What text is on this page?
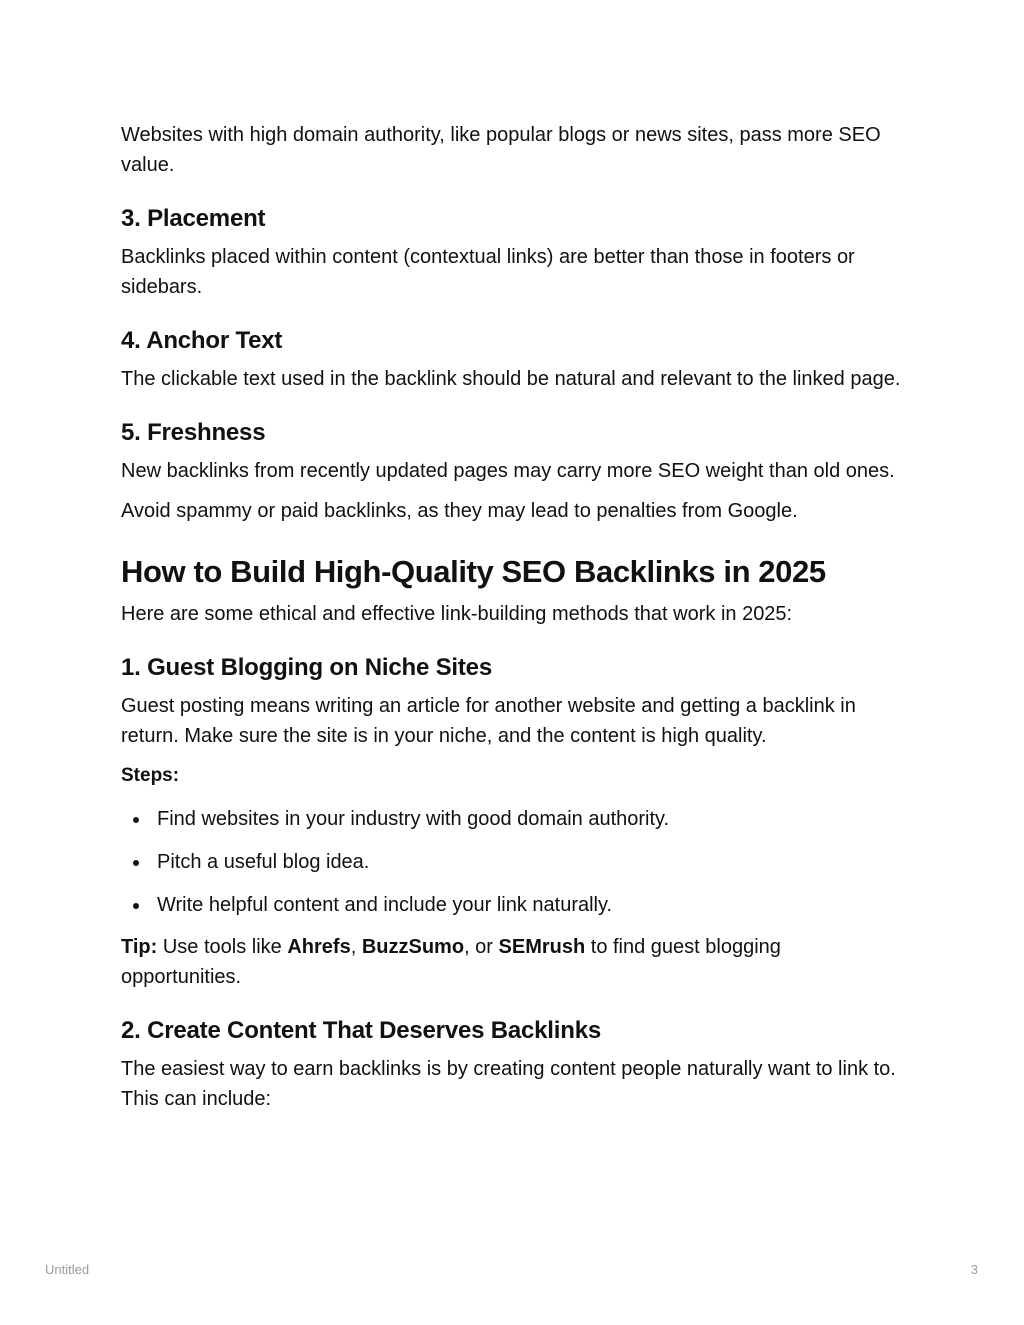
Websites with high domain authority, like popular blogs or news sites, pass more SEO value.

3. Placement

Backlinks placed within content (contextual links) are better than those in footers or sidebars.

4. Anchor Text

The clickable text used in the backlink should be natural and relevant to the linked page.

5. Freshness

New backlinks from recently updated pages may carry more SEO weight than old ones.

Avoid spammy or paid backlinks, as they may lead to penalties from Google.

How to Build High-Quality SEO Backlinks in 2025

Here are some ethical and effective link-building methods that work in 2025:

1. Guest Blogging on Niche Sites

Guest posting means writing an article for another website and getting a backlink in return. Make sure the site is in your niche, and the content is high quality.

Steps:

Find websites in your industry with good domain authority.
Pitch a useful blog idea.
Write helpful content and include your link naturally.

Tip: Use tools like Ahrefs, BuzzSumo, or SEMrush to find guest blogging opportunities.

2. Create Content That Deserves Backlinks

The easiest way to earn backlinks is by creating content people naturally want to link to. This can include:

Untitled	3
